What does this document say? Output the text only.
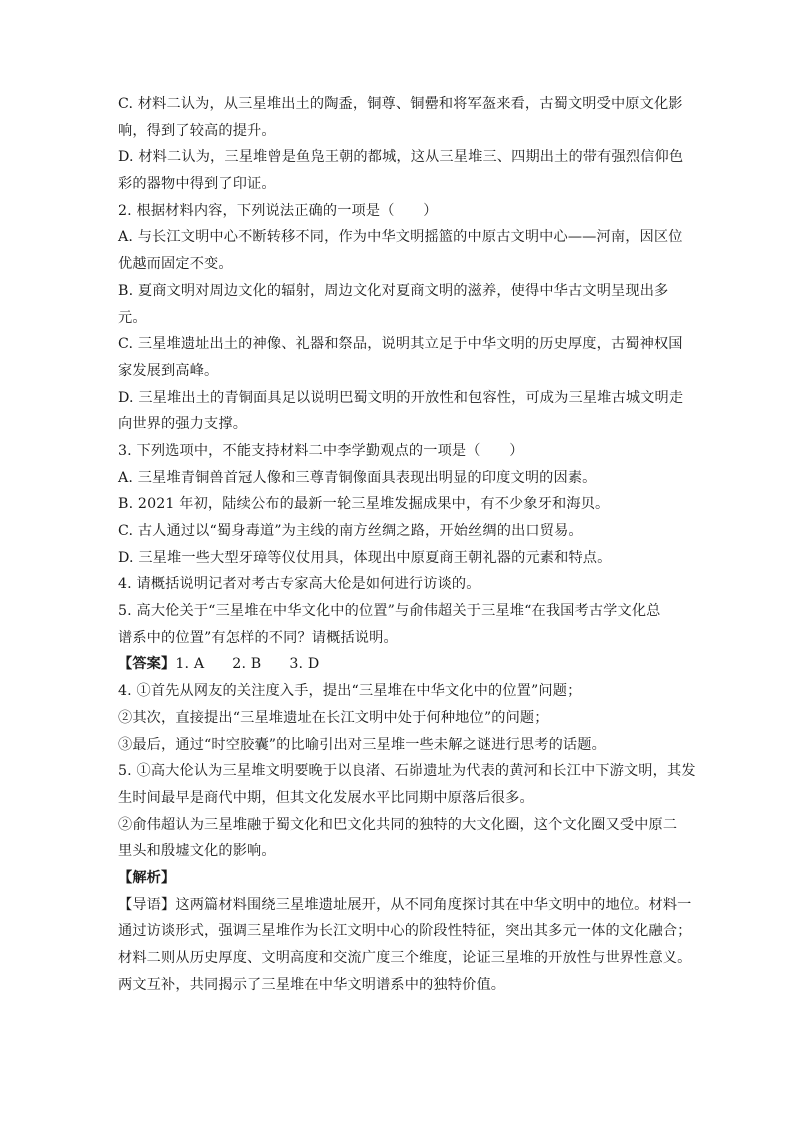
C. 材料二认为，从三星堆出土的陶盉，铜尊、铜罍和将军盔来看，古蜀文明受中原文化影
响，得到了较高的提升。
D. 材料二认为，三星堆曾是鱼凫王朝的都城，这从三星堆三、四期出土的带有强烈信仰色
彩的器物中得到了印证。
2. 根据材料内容，下列说法正确的一项是（　　）
A. 与长江文明中心不断转移不同，作为中华文明摇篮的中原古文明中心——河南，因区位
优越而固定不变。
B. 夏商文明对周边文化的辐射，周边文化对夏商文明的滋养，使得中华古文明呈现出多
元。
C. 三星堆遗址出土的神像、礼器和祭品，说明其立足于中华文明的历史厚度，古蜀神权国
家发展到高峰。
D. 三星堆出土的青铜面具足以说明巴蜀文明的开放性和包容性，可成为三星堆古城文明走
向世界的强力支撑。
3. 下列选项中，不能支持材料二中李学勤观点的一项是（　　）
A. 三星堆青铜兽首冠人像和三尊青铜像面具表现出明显的印度文明的因素。
B. 2021 年初，陆续公布的最新一轮三星堆发掘成果中，有不少象牙和海贝。
C. 古人通过以“蜀身毒道”为主线的南方丝绸之路，开始丝绸的出口贸易。
D. 三星堆一些大型牙璋等仪仗用具，体现出中原夏商王朝礼器的元素和特点。
4. 请概括说明记者对考古专家高大伦是如何进行访谈的。
5. 高大伦关于“三星堆在中华文化中的位置”与俞伟超关于三星堆“在我国考古学文化总
谱系中的位置”有怎样的不同？请概括说明。
【答案】1. A 2. B 3. D
4. ①首先从网友的关注度入手，提出“三星堆在中华文化中的位置”问题；
②其次，直接提出“三星堆遗址在长江文明中处于何种地位”的问题；
③最后，通过“时空胶囊”的比喻引出对三星堆一些未解之谜进行思考的话题。
5. ①高大伦认为三星堆文明要晚于以良渚、石峁遗址为代表的黄河和长江中下游文明，其发
生时间最早是商代中期，但其文化发展水平比同期中原落后很多。
②俞伟超认为三星堆融于蜀文化和巴文化共同的独特的大文化圈，这个文化圈又受中原二
里头和殷墟文化的影响。
【解析】
【导语】这两篇材料围绕三星堆遗址展开，从不同角度探讨其在中华文明中的地位。材料一
通过访谈形式，强调三星堆作为长江文明中心的阶段性特征，突出其多元一体的文化融合；
材料二则从历史厚度、文明高度和交流广度三个维度，论证三星堆的开放性与世界性意义。
两文互补，共同揭示了三星堆在中华文明谱系中的独特价值。
